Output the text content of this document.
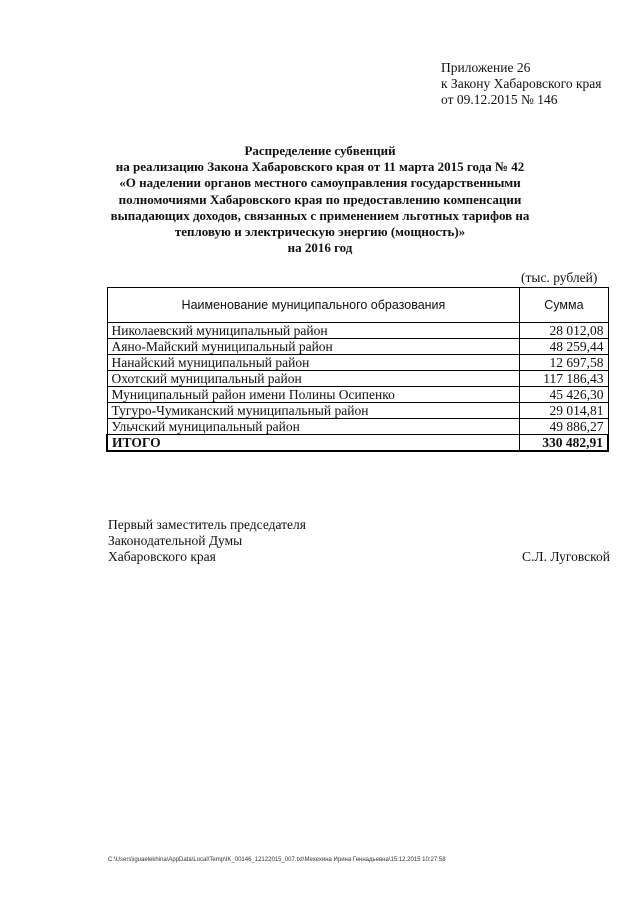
Приложение 26
к Закону Хабаровского края
от 09.12.2015 № 146
Распределение субвенций
на реализацию Закона Хабаровского края от 11 марта 2015 года № 42
«О наделении органов местного самоуправления государственными
полномочиями Хабаровского края по предоставлению компенсации
выпадающих доходов, связанных с применением льготных тарифов на
тепловую и электрическую энергию (мощность)»
на 2016 год
(тыс. рублей)
Наименование муниципального образования	Сумма
Николаевский муниципальный район	28 012,08
Аяно-Майский муниципальный район	48 259,44
Нанайский муниципальный район	12 697,58
Охотский муниципальный район	117 186,43
Муниципальный район имени Полины Осипенко	45 426,30
Тугуро-Чумиканский муниципальный район	29 014,81
Ульчский муниципальный район	49 886,27
ИТОГО	330 482,91
Первый заместитель председателя
Законодательной Думы
Хабаровского края	С.Л. Луговской
C:\Users\iguaelekhina\AppData\Local\Temp\IK_00146_12122015_007.txt\Мехехина Ирина Геннадьевна\15.12.2015 10:27:58
